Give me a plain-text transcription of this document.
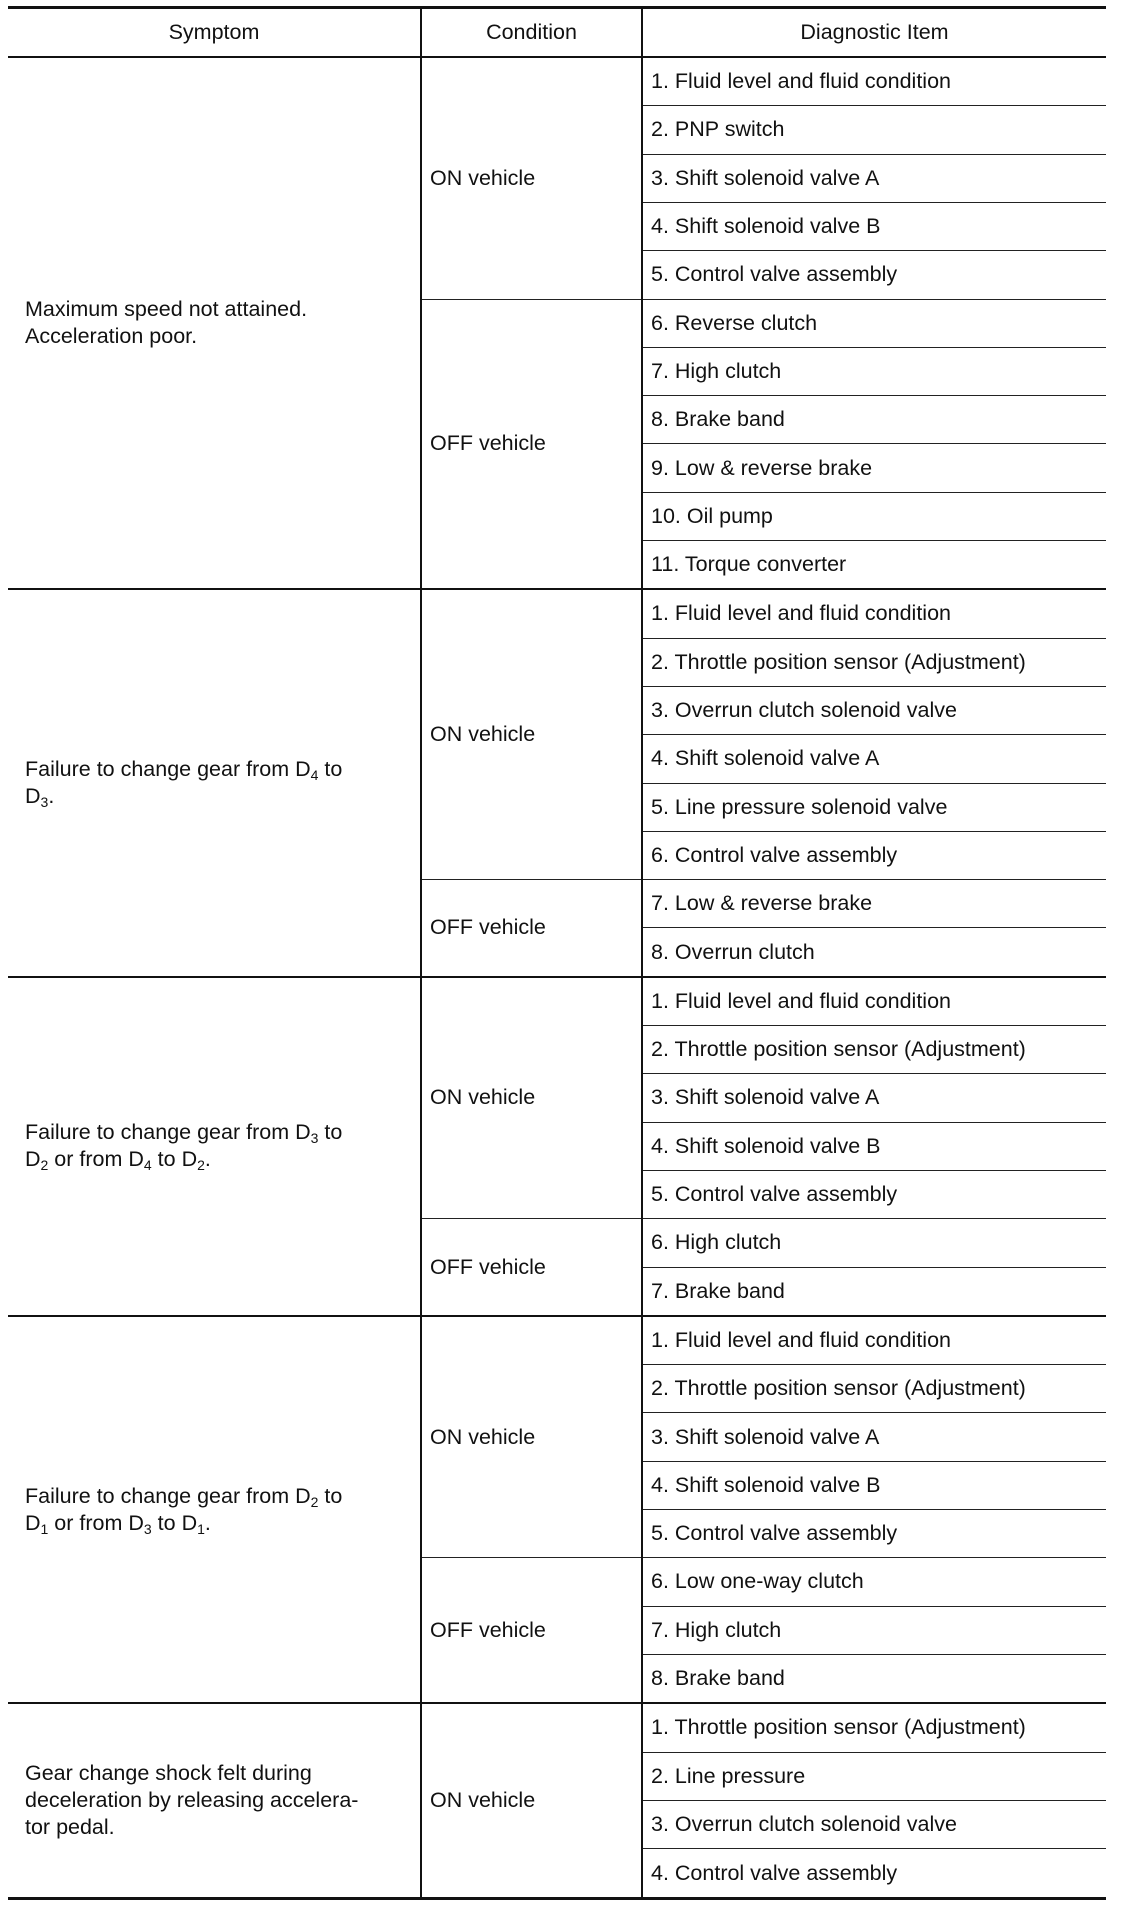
Symptom	Condition	Diagnostic Item

Maximum speed not attained.
Acceleration poor.	ON vehicle	1. Fluid level and fluid condition
		2. PNP switch
		3. Shift solenoid valve A
		4. Shift solenoid valve B
		5. Control valve assembly
	OFF vehicle	6. Reverse clutch
		7. High clutch
		8. Brake band
		9. Low & reverse brake
		10. Oil pump
		11. Torque converter

Failure to change gear from $D_4$ to
$D_3$.	ON vehicle	1. Fluid level and fluid condition
		2. Throttle position sensor (Adjustment)
		3. Overrun clutch solenoid valve
		4. Shift solenoid valve A
		5. Line pressure solenoid valve
		6. Control valve assembly
	OFF vehicle	7. Low & reverse brake
		8. Overrun clutch

Failure to change gear from $D_3$ to
$D_2$ or from $D_4$ to $D_2$.	ON vehicle	1. Fluid level and fluid condition
		2. Throttle position sensor (Adjustment)
		3. Shift solenoid valve A
		4. Shift solenoid valve B
		5. Control valve assembly
	OFF vehicle	6. High clutch
		7. Brake band

Failure to change gear from $D_2$ to
$D_1$ or from $D_3$ to $D_1$.	ON vehicle	1. Fluid level and fluid condition
		2. Throttle position sensor (Adjustment)
		3. Shift solenoid valve A
		4. Shift solenoid valve B
		5. Control valve assembly
	OFF vehicle	6. Low one-way clutch
		7. High clutch
		8. Brake band

Gear change shock felt during
deceleration by releasing accelera-
tor pedal.	ON vehicle	1. Throttle position sensor (Adjustment)
		2. Line pressure
		3. Overrun clutch solenoid valve
		4. Control valve assembly
